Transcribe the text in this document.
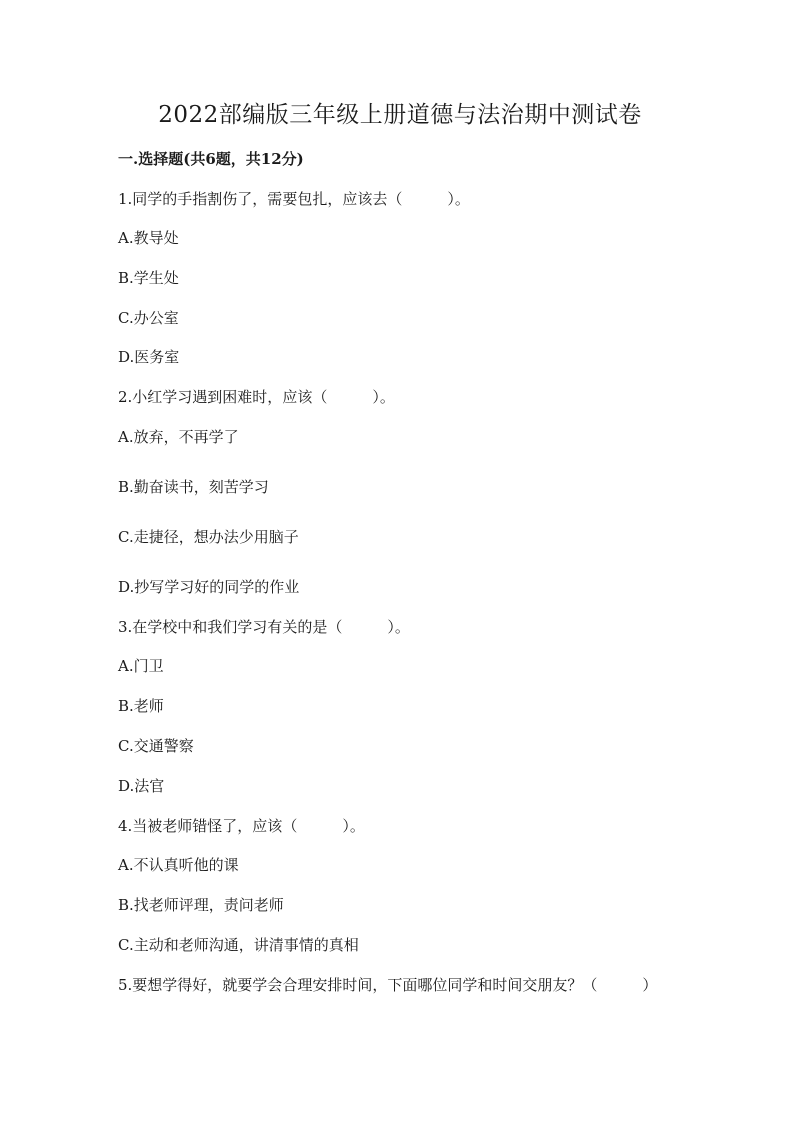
2022部编版三年级上册道德与法治期中测试卷

一.选择题(共6题，共12分)

1.同学的手指割伤了，需要包扎，应该去（　　　）。

A.教导处

B.学生处

C.办公室

D.医务室

2.小红学习遇到困难时，应该（　　　）。

A.放弃，不再学了

B.勤奋读书，刻苦学习

C.走捷径，想办法少用脑子

D.抄写学习好的同学的作业

3.在学校中和我们学习有关的是（　　　）。

A.门卫

B.老师

C.交通警察

D.法官

4.当被老师错怪了，应该（　　　）。

A.不认真听他的课

B.找老师评理，责问老师

C.主动和老师沟通，讲清事情的真相

5.要想学得好，就要学会合理安排时间，下面哪位同学和时间交朋友？（　　　）
